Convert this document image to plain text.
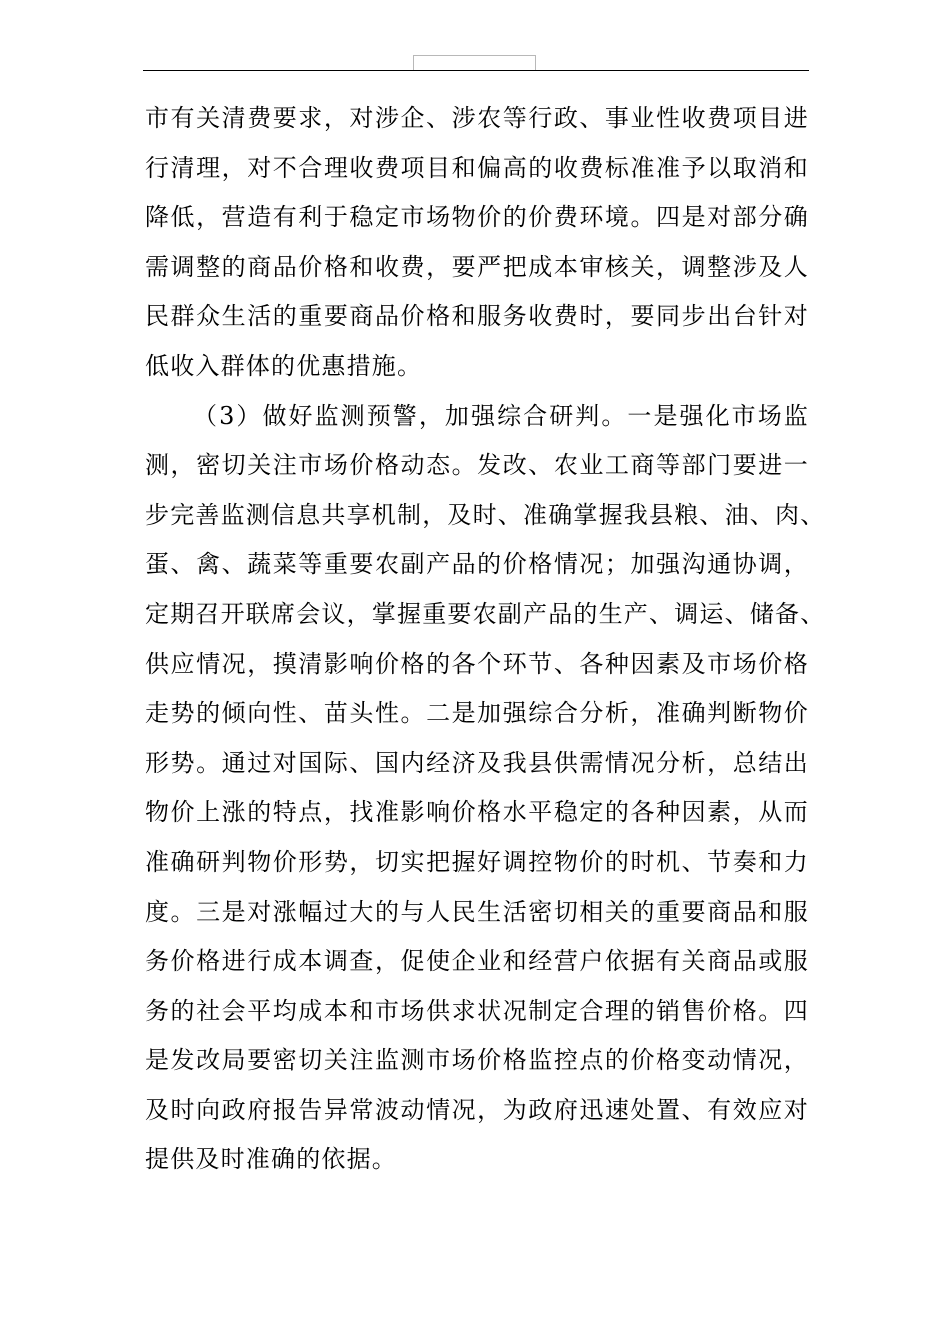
市有关清费要求，对涉企、涉农等行政、事业性收费项目进
行清理，对不合理收费项目和偏高的收费标准准予以取消和
降低，营造有利于稳定市场物价的价费环境。四是对部分确
需调整的商品价格和收费，要严把成本审核关，调整涉及人
民群众生活的重要商品价格和服务收费时，要同步出台针对
低收入群体的优惠措施。
（3）做好监测预警，加强综合研判。一是强化市场监
测，密切关注市场价格动态。发改、农业工商等部门要进一
步完善监测信息共享机制，及时、准确掌握我县粮、油、肉、
蛋、禽、蔬菜等重要农副产品的价格情况；加强沟通协调，
定期召开联席会议，掌握重要农副产品的生产、调运、储备、
供应情况，摸清影响价格的各个环节、各种因素及市场价格
走势的倾向性、苗头性。二是加强综合分析，准确判断物价
形势。通过对国际、国内经济及我县供需情况分析，总结出
物价上涨的特点，找准影响价格水平稳定的各种因素，从而
准确研判物价形势，切实把握好调控物价的时机、节奏和力
度。三是对涨幅过大的与人民生活密切相关的重要商品和服
务价格进行成本调查，促使企业和经营户依据有关商品或服
务的社会平均成本和市场供求状况制定合理的销售价格。四
是发改局要密切关注监测市场价格监控点的价格变动情况，
及时向政府报告异常波动情况，为政府迅速处置、有效应对
提供及时准确的依据。
